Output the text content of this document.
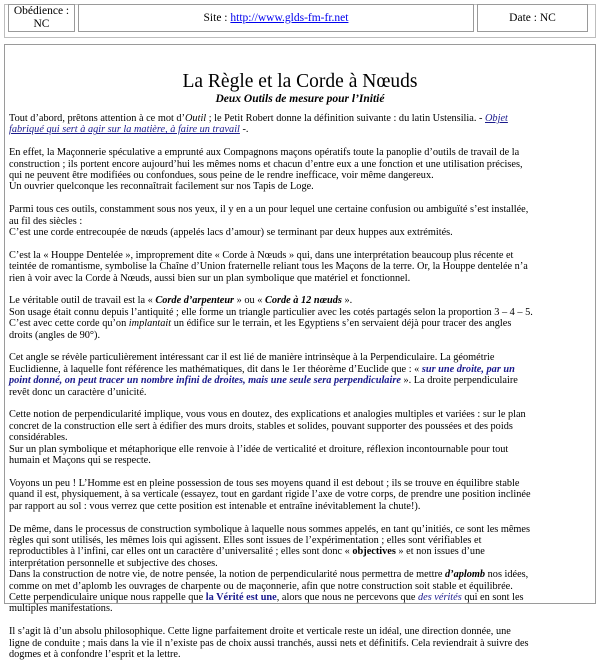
Obédience : NC
Site :
http://www.glds-fm-fr.net	Date : NC
La Règle et la Corde à Nœuds
Deux Outils de mesure pour l’Initié

Tout d’abord, prêtons attention à ce mot d’Outil ; le Petit Robert donne la définition suivante : du latin Ustensilia. - Objet fabriqué qui sert à agir sur la matière, à faire un travail -.

En effet, la Maçonnerie spéculative a emprunté aux Compagnons maçons opératifs toute la panoplie d’outils de travail de la construction ; ils portent encore aujourd’hui les mêmes noms et chacun d’entre eux a une fonction et une utilisation précises, qui ne peuvent être modifiées ou confondues, sous peine de le rendre inefficace, voir même dangereux.
Un ouvrier quelconque les reconnaîtrait facilement sur nos Tapis de Loge.

Parmi tous ces outils, constamment sous nos yeux, il y en a un pour lequel une certaine confusion ou ambiguïté s’est installée, au fil des siècles :
C’est une corde entrecoupée de nœuds (appelés lacs d’amour) se terminant par deux huppes aux extrémités.

C’est la « Houppe Dentelée », improprement dite « Corde à Nœuds » qui, dans une interprétation beaucoup plus récente et teintée de romantisme, symbolise la Chaîne d’Union fraternelle reliant tous les Maçons de la terre. Or, la Houppe dentelée n’a rien à voir avec la Corde à Nœuds, aussi bien sur un plan symbolique que matériel et fonctionnel.

Le véritable outil de travail est la « Corde d’arpenteur » ou « Corde à 12 nœuds ».
Son usage était connu depuis l’antiquité ; elle forme un triangle particulier avec les cotés partagés selon la proportion 3 – 4 – 5. C’est avec cette corde qu’on implantait un édifice sur le terrain, et les Egyptiens s’en servaient déjà pour tracer des angles droits (angles de 90°).

Cet angle se révèle particulièrement intéressant car il est lié de manière intrinsèque à la Perpendiculaire. La géométrie Euclidienne, à laquelle font référence les mathématiques, dit dans le 1er théorème d’Euclide que : « sur une droite, par un point donné, on peut tracer un nombre infini de droites, mais une seule sera perpendiculaire ». La droite perpendiculaire revêt donc un caractère d’unicité.

Cette notion de perpendicularité implique, vous vous en doutez, des explications et analogies multiples et variées : sur le plan concret de la construction elle sert à édifier des murs droits, stables et solides, pouvant supporter des poussées et des poids considérables.
Sur un plan symbolique et métaphorique elle renvoie à l’idée de verticalité et droiture, réflexion incontournable pour tout humain et Maçons qui se respecte.

Voyons un peu ! L’Homme est en pleine possession de tous ses moyens quand il est debout ; ils se trouve en équilibre stable quand il est, physiquement, à sa verticale (essayez, tout en gardant rigide l’axe de votre corps, de prendre une position inclinée par rapport au sol : vous verrez que cette position est intenable et entraîne inévitablement la chute!).

De même, dans le processus de construction symbolique à laquelle nous sommes appelés, en tant qu’initiés, ce sont les mêmes règles qui sont utilisés, les mêmes lois qui agissent. Elles sont issues de l’expérimentation ; elles sont vérifiables et reproductibles à l’infini, car elles ont un caractère d’universalité ; elles sont donc « objectives » et non issues d’une interprétation personnelle et subjective des choses.
Dans la construction de notre vie, de notre pensée, la notion de perpendicularité nous permettra de mettre d’aplomb nos idées, comme on met d’aplomb les ouvrages de charpente ou de maçonnerie, afin que notre construction soit stable et équilibrée.
Cette perpendiculaire unique nous rappelle que la Vérité est une, alors que nous ne percevons que des vérités qui en sont les multiples manifestations.

Il s’agit là d’un absolu philosophique. Cette ligne parfaitement droite et verticale reste un idéal, une direction donnée, une ligne de conduite ; mais dans la vie il n’existe pas de choix aussi tranchés, aussi nets et définitifs. Cela reviendrait à suivre des dogmes et à confondre l’esprit et la lettre.
